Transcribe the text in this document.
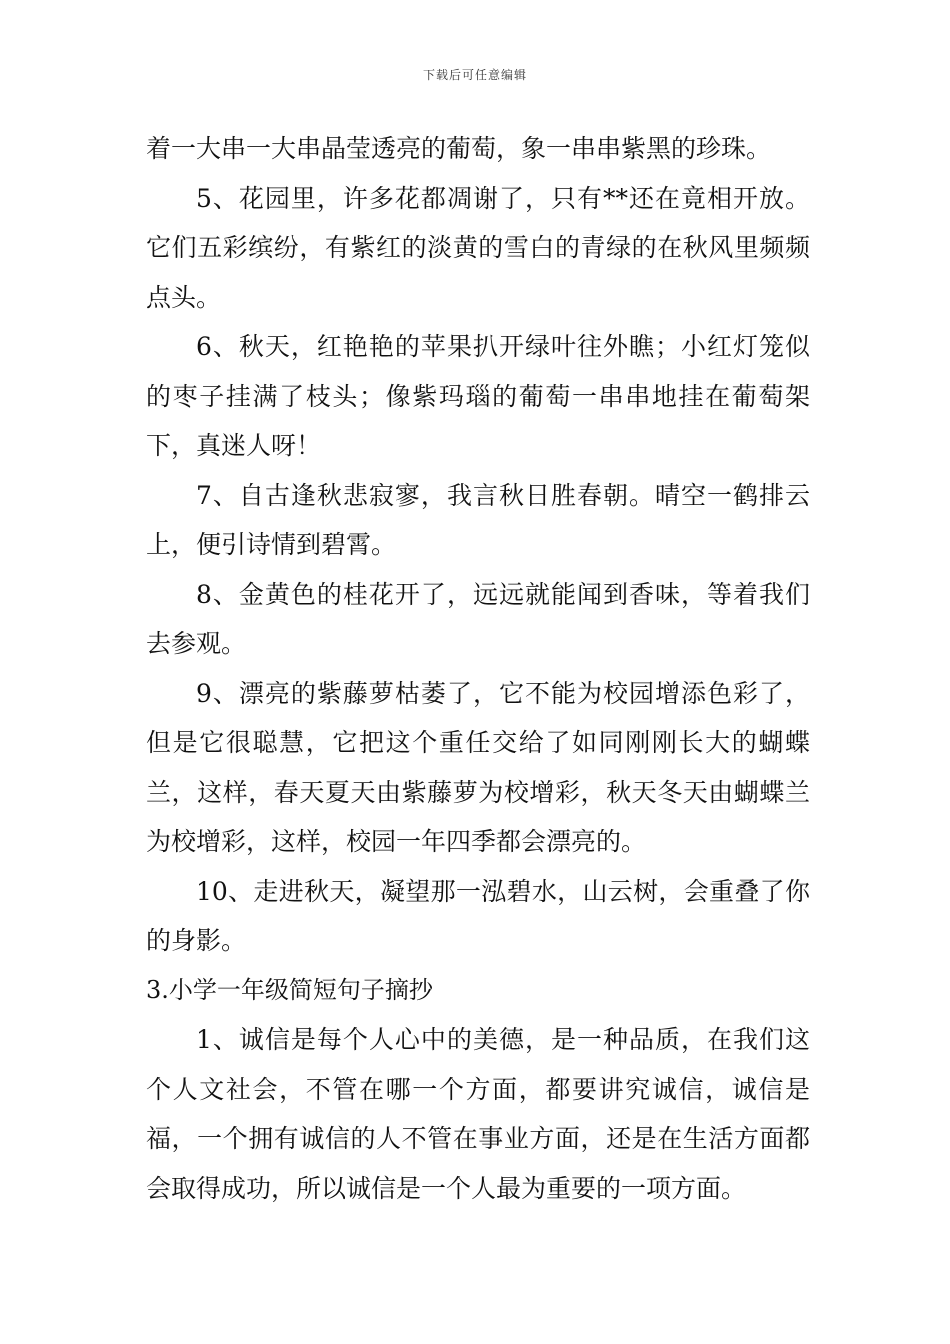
下载后可任意编辑

着一大串一大串晶莹透亮的葡萄，象一串串紫黑的珍珠。

5、花园里，许多花都凋谢了，只有**还在竟相开放。它们五彩缤纷，有紫红的淡黄的雪白的青绿的在秋风里频频点头。

6、秋天，红艳艳的苹果扒开绿叶往外瞧；小红灯笼似的枣子挂满了枝头；像紫玛瑙的葡萄一串串地挂在葡萄架下，真迷人呀！

7、自古逢秋悲寂寥，我言秋日胜春朝。晴空一鹤排云上，便引诗情到碧霄。

8、金黄色的桂花开了，远远就能闻到香味，等着我们去参观。

9、漂亮的紫藤萝枯萎了，它不能为校园增添色彩了，但是它很聪慧，它把这个重任交给了如同刚刚长大的蝴蝶兰，这样，春天夏天由紫藤萝为校增彩，秋天冬天由蝴蝶兰为校增彩，这样，校园一年四季都会漂亮的。

10、走进秋天，凝望那一泓碧水，山云树，会重叠了你的身影。

3.小学一年级简短句子摘抄

1、诚信是每个人心中的美德，是一种品质，在我们这个人文社会，不管在哪一个方面，都要讲究诚信，诚信是福，一个拥有诚信的人不管在事业方面，还是在生活方面都会取得成功，所以诚信是一个人最为重要的一项方面。
